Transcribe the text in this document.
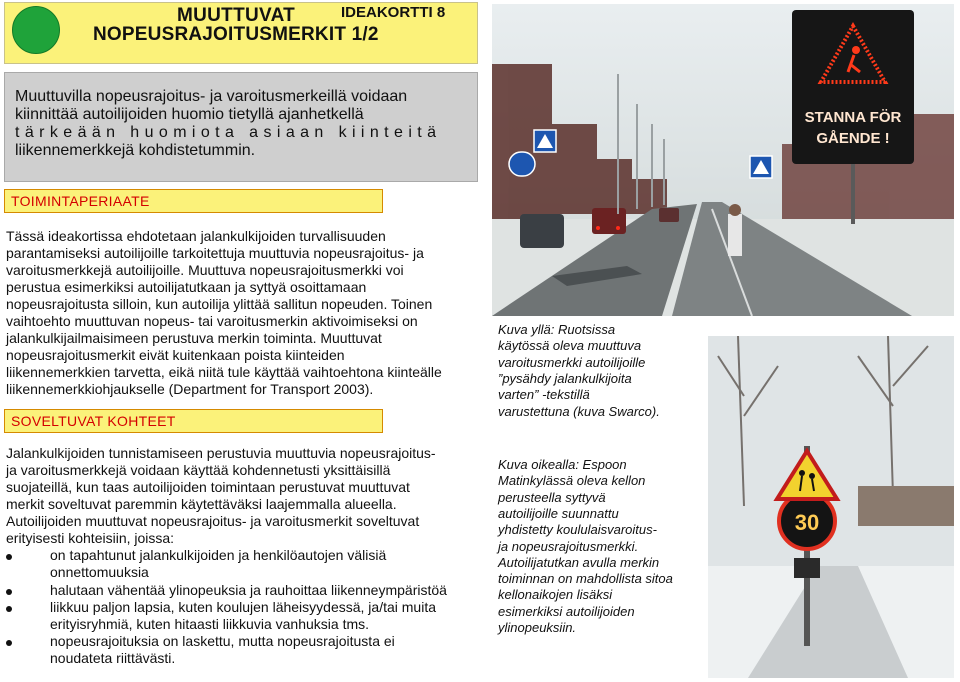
MUUTTUVAT	IDEAKORTTI 8
NOPEUSRAJOITUSMERKIT 1/2
Muuttuvilla nopeusrajoitus- ja varoitusmerkeillä voidaan
kiinnittää autoilijoiden huomio tietyllä ajanhetkellä
tärkeään huomiota asiaan kiinteitä
liikennemerkkejä kohdistetummin.
TOIMINTAPERIAATE
Tässä ideakortissa ehdotetaan jalankulkijoiden turvallisuuden
parantamiseksi autoilijoille tarkoitettuja muuttuvia nopeusrajoitus- ja
varoitusmerkkejä autoilijoille. Muuttuva nopeusrajoitusmerkki voi
perustua esimerkiksi autoilijatutkaan ja syttyä osoittamaan
nopeusrajoitusta silloin, kun autoilija ylittää sallitun nopeuden. Toinen
vaihtoehto muuttuvan nopeus- tai varoitusmerkin aktivoimiseksi on
jalankulkijailmaisimeen perustuva merkin toiminta. Muuttuvat
nopeusrajoitusmerkit eivät kuitenkaan poista kiinteiden
liikennemerkkien tarvetta, eikä niitä tule käyttää vaihtoehtona kiinteälle
liikennemerkkiohjaukselle (Department for Transport 2003).
SOVELTUVAT KOHTEET
Jalankulkijoiden tunnistamiseen perustuvia muuttuvia nopeusrajoitus-
ja varoitusmerkkejä voidaan käyttää kohdennetusti yksittäisillä
suojateillä, kun taas autoilijoiden toimintaan perustuvat muuttuvat
merkit soveltuvat paremmin käytettäväksi laajemmalla alueella.
Autoilijoiden muuttuvat nopeusrajoitus- ja varoitusmerkit soveltuvat
erityisesti kohteisiin, joissa:
on tapahtunut jalankulkijoiden ja henkilöautojen välisiä
onnettomuuksia
halutaan vähentää ylinopeuksia ja rauhoittaa liikenneympäristöä
liikkuu paljon lapsia, kuten koulujen läheisyydessä, ja/tai muita
erityisryhmiä, kuten hitaasti liikkuvia vanhuksia tms.
nopeusrajoituksia on laskettu, mutta nopeusrajoitusta ei
noudateta riittävästi.
STANNA FÖR
GÅENDE !
Kuva yllä: Ruotsissa
käytössä oleva muuttuva
varoitusmerkki autoilijoille
”pysähdy jalankulkijoita
varten” -tekstillä
varustettuna (kuva Swarco).
Kuva oikealla: Espoon
Matinkylässä oleva kellon
perusteella syttyvä
autoilijoille suunnattu
yhdistetty koululaisvaroitus-
ja nopeusrajoitusmerkki.
Autoilijatutkan avulla merkin
toiminnan on mahdollista sitoa
kellonaikojen lisäksi
esimerkiksi autoilijoiden
ylinopeuksiin.
30
